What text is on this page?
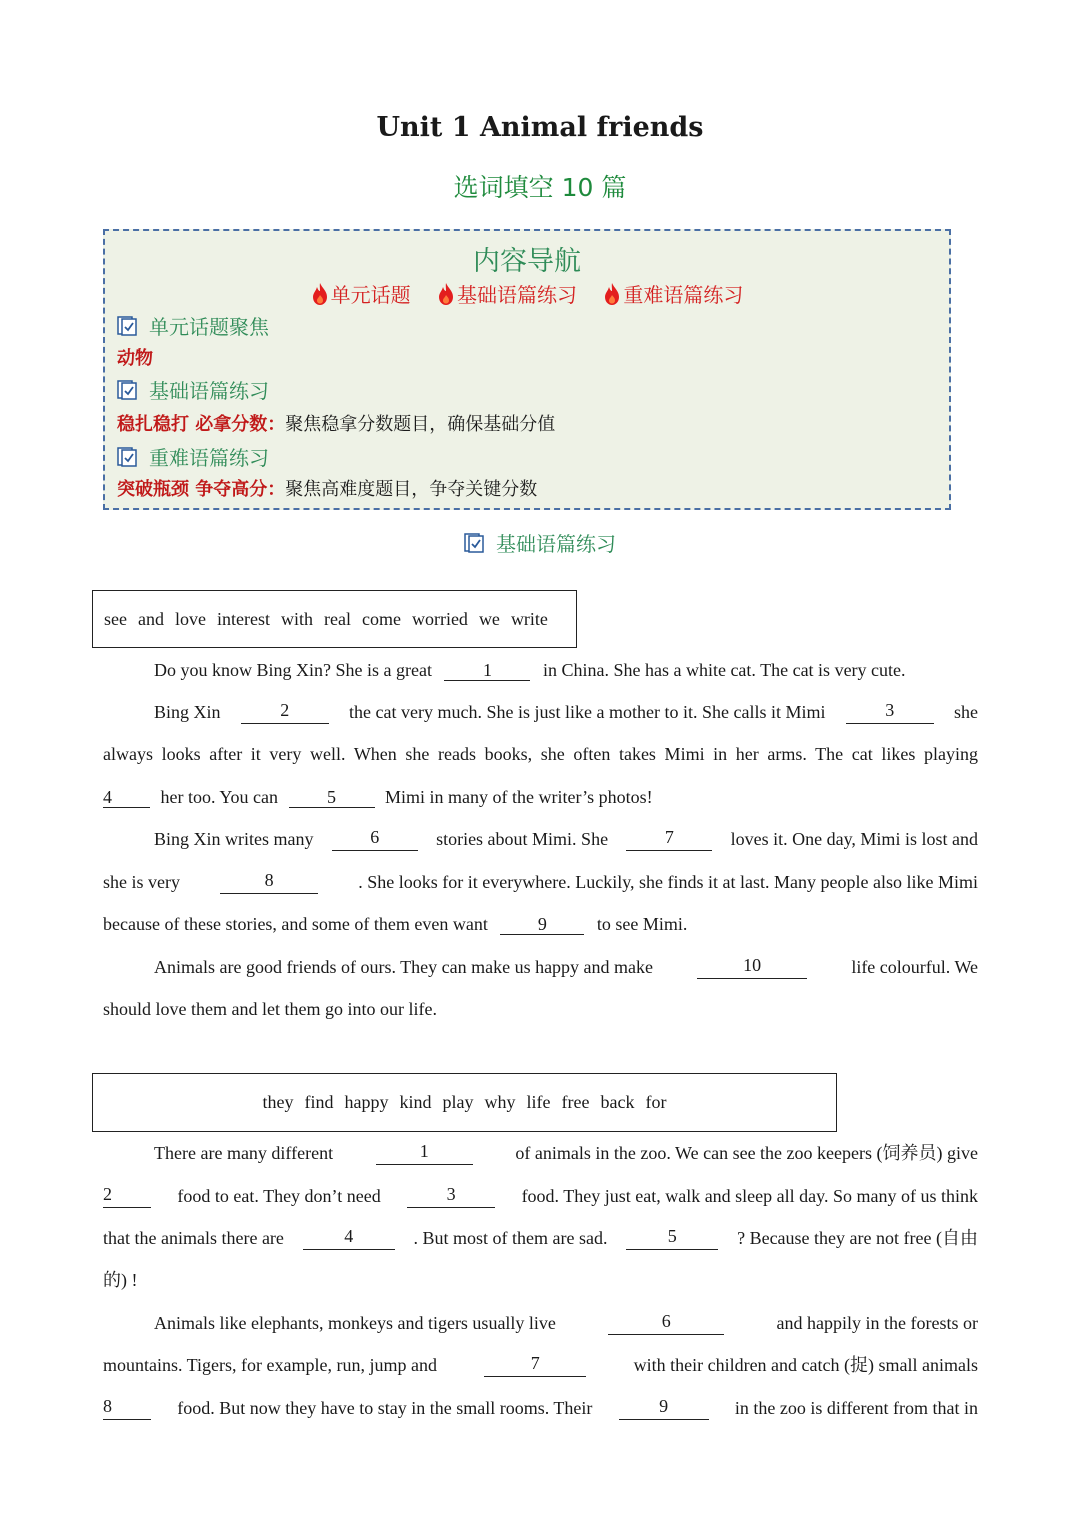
Unit 1 Animal friends
选词填空 10 篇
内容导航
单元话题
基础语篇练习
重难语篇练习
单元话题聚焦
动物
基础语篇练习
稳扎稳打 必拿分数： 聚焦稳拿分数题目，确保基础分值
重难语篇练习
突破瓶颈 争夺高分： 聚焦高难度题目，争夺关键分数
基础语篇练习
see and love interest with real come worried we write
Do you know Bing Xin? She is a great	1	in China. She has a white cat. The cat is very cute.
Bing Xin	2	the cat very much. She is just like a mother to it. She calls it Mimi	3	she
always looks after it very well. When she reads books, she often takes Mimi in her arms. The cat likes playing
4	her too. You can	5	Mimi in many of the writer’s photos!
Bing Xin writes many	6	stories about Mimi. She	7	loves it. One day, Mimi is lost and
she is very	8	. She looks for it everywhere. Luckily, she finds it at last. Many people also like Mimi
because of these stories, and some of them even want	9	to see Mimi.
Animals are good friends of ours. They can make us happy and make	10	life colourful. We
should love them and let them go into our life.
they find happy kind play why life free back for
There are many different	1	of animals in the zoo. We can see the zoo keepers (饲养员) give
2	food to eat. They don’t need	3	food. They just eat, walk and sleep all day. So many of us think
that the animals there are	4	. But most of them are sad.	5	? Because they are not free (自由
的) !
Animals like elephants, monkeys and tigers usually live	6	and happily in the forests or
mountains. Tigers, for example, run, jump and	7	with their children and catch (捉) small animals
8	food. But now they have to stay in the small rooms. Their	9	in the zoo is different from that in
